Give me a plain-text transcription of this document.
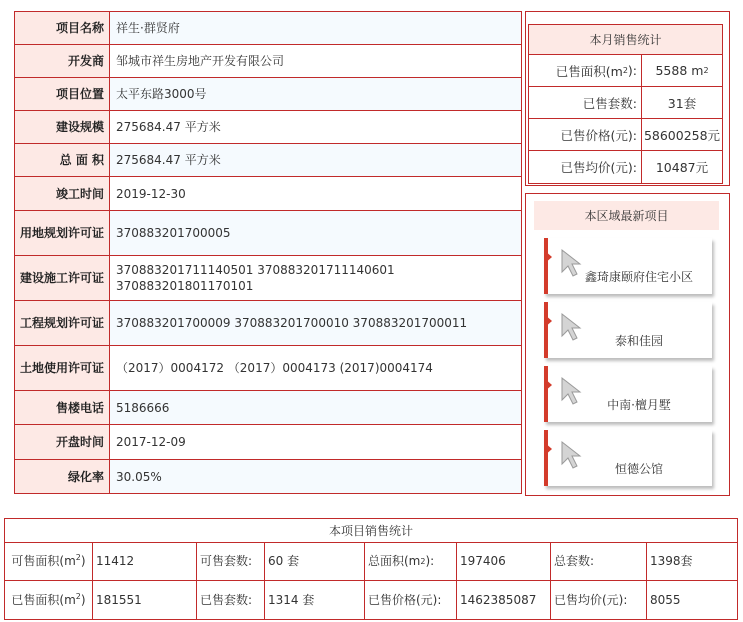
项目名称	祥生·群贤府
开发商	邹城市祥生房地产开发有限公司
项目位置	太平东路3000号
建设规模	275684.47 平方米
总 面 积	275684.47 平方米
竣工时间	2019-12-30
用地规划许可证	370883201700005
建设施工许可证
370883201711140501 370883201711140601 370883201801170101
工程规划许可证	370883201700009 370883201700010 370883201700011
土地使用许可证	（2017）0004172 （2017）0004173 (2017)0004174
售楼电话	5186666
开盘时间	2017-12-09
绿化率	30.05%
本月销售统计
已售面积(m 2 ): 5588 m 2
已售套数:	31套
已售价格(元): 58600258元
已售均价(元):	10487元
本区域最新项目
鑫琦康颐府住宅小区
泰和佳园
中南·檀月墅
恒德公馆
本项目销售统计
可售面积$(m^2)$ 11412	可售套数:	60 套	总面积(m 2 ): 197406	总套数:	1398套
已售面积$(m^2)$ 181551	已售套数:	1314 套	已售价格(元):	1462385087	已售均价(元):	8055
